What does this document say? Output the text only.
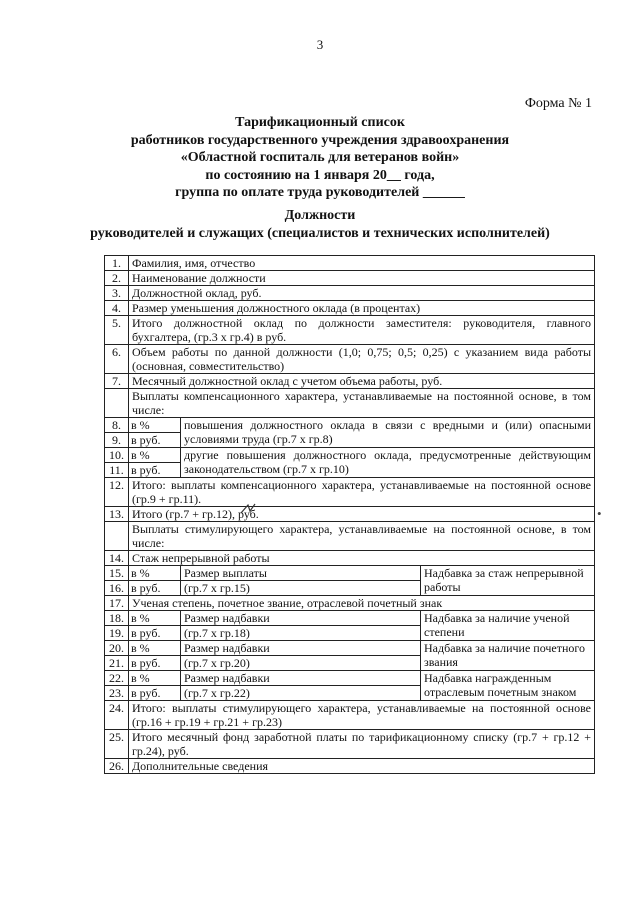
3
Форма № 1
Тарификационный список
работников государственного учреждения здравоохранения
«Областной госпиталь для ветеранов войн»
по состоянию на 1 января 20__ года,
группа по оплате труда руководителей ______
Должности
руководителей и служащих (специалистов и технических исполнителей)
1.	Фамилия, имя, отчество		
2.	Наименование должности		
3.	Должностной оклад, руб.		
4.	Размер уменьшения должностного оклада (в процентах)		
5.	Итого должностной оклад по должности заместителя: руководителя, главного бухгалтера, (гр.3 х гр.4) в руб.		
6.	Объем работы по данной должности (1,0; 0,75; 0,5; 0,25) с указанием вида работы (основная, совместительство)		
7.	Месячный должностной оклад с учетом объема работы, руб.		
	Выплаты компенсационного характера, устанавливаемые на постоянной основе, в том числе:		
8.	в %	повышения должностного оклада в связи с вредными и (или) опасными условиями труда (гр.7 х гр.8)	
9.	в руб.		
10.	в %	другие повышения должностного оклада, предусмотренные действующим законодательством (гр.7 х гр.10)	
11.	в руб.		
12.	Итого: выплаты компенсационного характера, устанавливаемые на постоянной основе (гр.9 + гр.11).		
13.	Итого (гр.7 + гр.12), руб.		
	Выплаты стимулирующего характера, устанавливаемые на постоянной основе, в том числе:		
14.	Стаж непрерывной работы		
15.	в %	Размер выплаты	Надбавка за стаж непрерывной работы
16.	в руб.	(гр.7 х гр.15)	
17.	Ученая степень, почетное звание, отраслевой почетный знак		
18.	в %	Размер надбавки	Надбавка за наличие ученой степени
19.	в руб.	(гр.7 х гр.18)	
20.	в %	Размер надбавки	Надбавка за наличие почетного звания
21.	в руб.	(гр.7 х гр.20)	
22.	в %	Размер надбавки	Надбавка награжденным отраслевым почетным знаком
23.	в руб.	(гр.7 х гр.22)	
24.	Итого: выплаты стимулирующего характера, устанавливаемые на постоянной основе (гр.16 + гр.19 + гр.21 + гр.23)		
25.	Итого месячный фонд заработной платы по тарификационному списку (гр.7 + гр.12 + гр.24), руб.		
26.	Дополнительные сведения		
•
